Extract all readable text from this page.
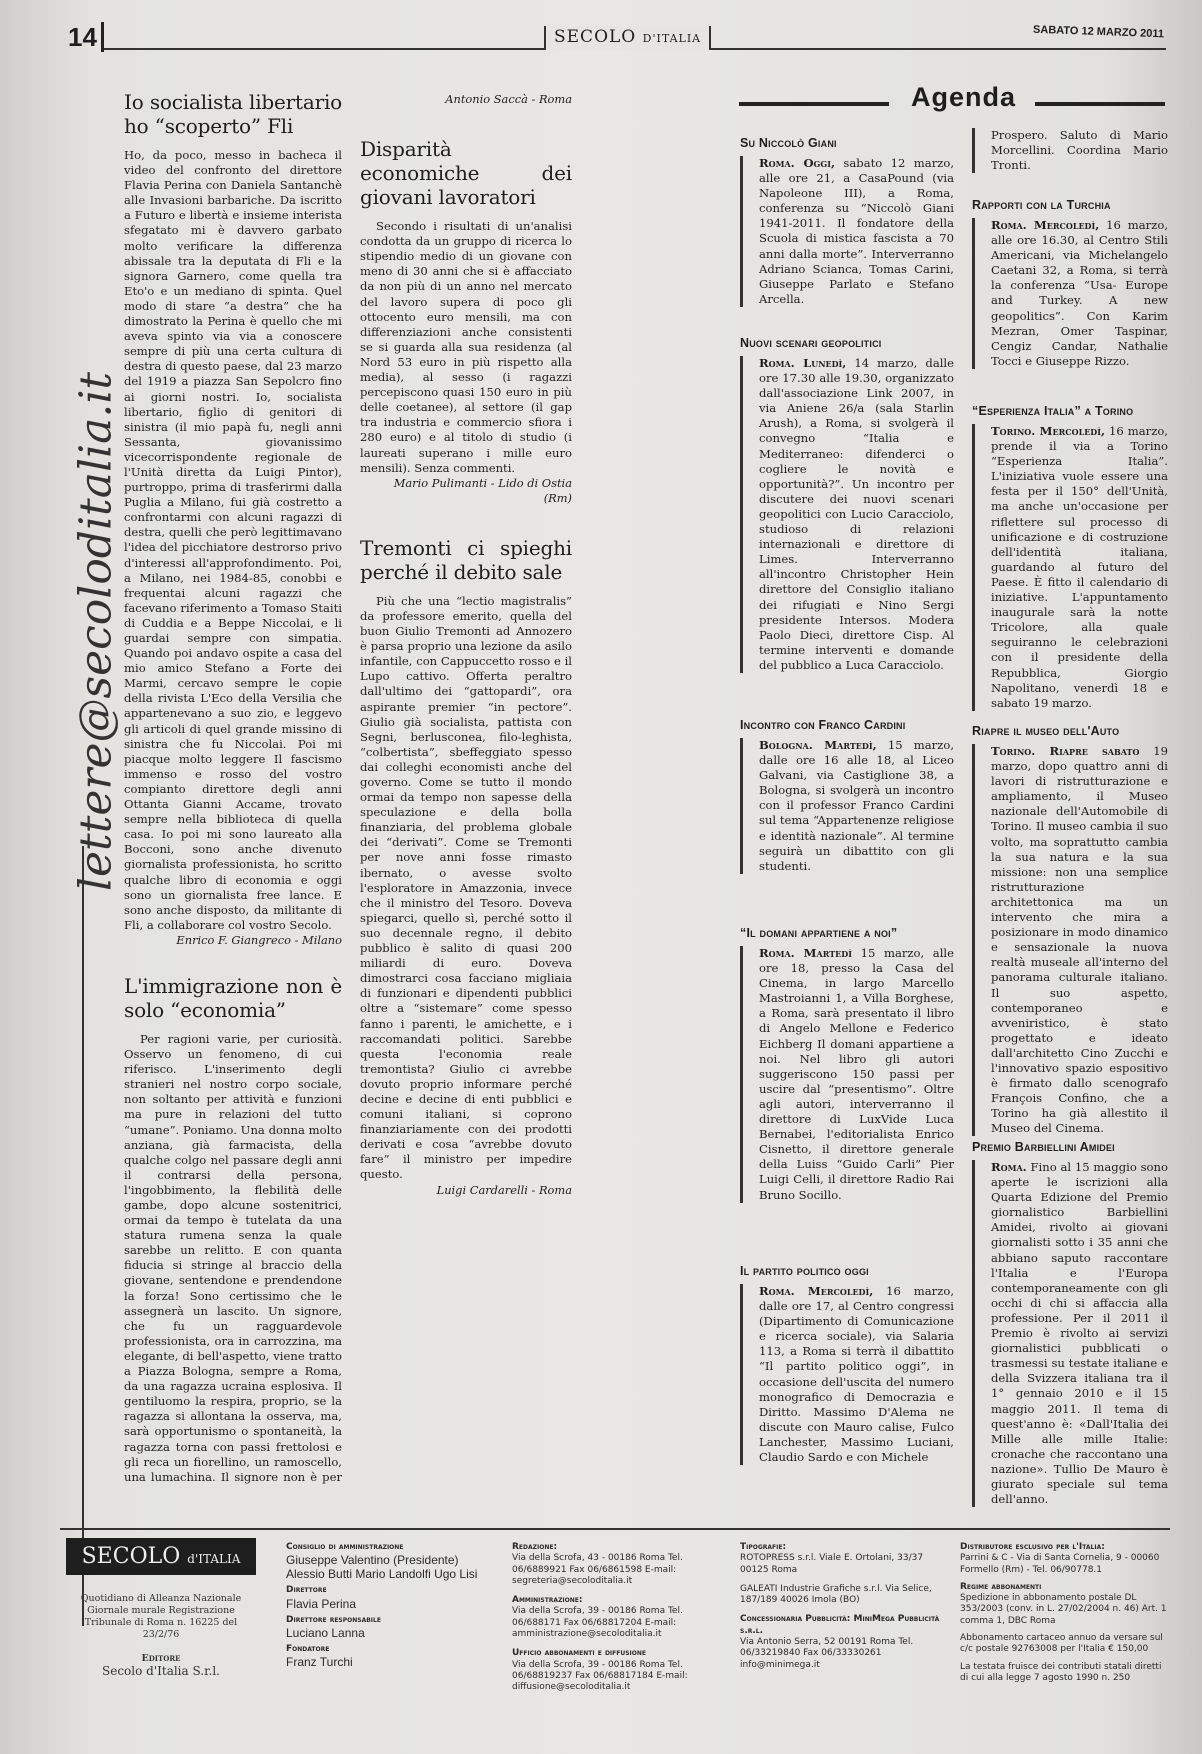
14	SECOLO D'ITALIA	SABATO 12 MARZO 2011
lettere@secoloditalia.it
Io socialista libertario ho “scoperto” Fli

Ho, da poco, messo in bacheca il video del confronto del direttore Flavia Perina con Daniela Santanchè alle Invasioni barbariche. Da iscritto a Futuro e libertà e insieme interista sfegatato mi è davvero garbato molto verificare la differenza abissale tra la deputata di Fli e la signora Garnero, come quella tra Eto'o e un mediano di spinta. Quel modo di stare “a destra” che ha dimostrato la Perina è quello che mi aveva spinto via via a conoscere sempre di più una certa cultura di destra di questo paese, dal 23 marzo del 1919 a piazza San Sepolcro fino ai giorni nostri. Io, socialista libertario, figlio di genitori di sinistra (il mio papà fu, negli anni Sessanta, giovanissimo vicecorrispondente regionale de l'Unità diretta da Luigi Pintor), purtroppo, prima di trasferirmi dalla Puglia a Milano, fui già costretto a confrontarmi con alcuni ragazzi di destra, quelli che però legittimavano l'idea del picchiatore destrorso privo d'interessi all'approfondimento. Poi, a Milano, nei 1984-85, conobbi e frequentai alcuni ragazzi che facevano riferimento a Tomaso Staiti di Cuddia e a Beppe Niccolai, e li guardai sempre con simpatia. Quando poi andavo ospite a casa del mio amico Stefano a Forte dei Marmi, cercavo sempre le copie della rivista L'Eco della Versilia che appartenevano a suo zio, e leggevo gli articoli di quel grande missino di sinistra che fu Niccolai. Poi mi piacque molto leggere Il fascismo immenso e rosso del vostro compianto direttore degli anni Ottanta Gianni Accame, trovato sempre nella biblioteca di quella casa. Io poi mi sono laureato alla Bocconi, sono anche divenuto giornalista professionista, ho scritto qualche libro di economia e oggi sono un giornalista free lance. E sono anche disposto, da militante di Fli, a collaborare col vostro Secolo.

Enrico F. Giangreco - Milano

L'immigrazione non è solo “economia”

Per ragioni varie, per curiosità. Osservo un fenomeno, di cui riferisco. L'inserimento degli stranieri nel nostro corpo sociale, non soltanto per attività e funzioni ma pure in relazioni del tutto “umane”. Poniamo. Una donna molto anziana, già farmacista, della qualche colgo nel passare degli anni il contrarsi della persona, l'ingobbimento, la flebilità delle gambe, dopo alcune sostenitrici, ormai da tempo è tutelata da una statura rumena senza la quale sarebbe un relitto. E con quanta fiducia si stringe al braccio della giovane, sentendone e prendendone la forza! Sono certissimo che le assegnerà un lascito. Un signore, che fu un ragguardevole professionista, ora in carrozzina, ma elegante, di bell'aspetto, viene tratto a Piazza Bologna, sempre a Roma, da una ragazza ucraina esplosiva. Il gentiluomo la respira, proprio, se la ragazza si allontana la osserva, ma, sarà opportunismo o spontaneità, la ragazza torna con passi frettolosi e gli reca un fiorellino, un ramoscello, una lumachina. Il signore non è per

Antonio Saccà - Roma

Disparità economiche dei giovani lavoratori

Secondo i risultati di un'analisi condotta da un gruppo di ricerca lo stipendio medio di un giovane con meno di 30 anni che si è affacciato da non più di un anno nel mercato del lavoro supera di poco gli ottocento euro mensili, ma con differenziazioni anche consistenti se si guarda alla sua residenza (al Nord 53 euro in più rispetto alla media), al sesso (i ragazzi percepiscono quasi 150 euro in più delle coetanee), al settore (il gap tra industria e commercio sfiora i 280 euro) e al titolo di studio (i laureati superano i mille euro mensili). Senza commenti.

Mario Pulimanti - Lido di Ostia (Rm)

Tremonti ci spieghi perché il debito sale

Più che una “lectio magistralis” da professore emerito, quella del buon Giulio Tremonti ad Annozero è parsa proprio una lezione da asilo infantile, con Cappuccetto rosso e il Lupo cattivo. Offerta peraltro dall'ultimo dei “gattopardi”, ora aspirante premier “in pectore”. Giulio già socialista, pattista con Segni, berlusconea, filo-leghista, “colbertista”, sbeffeggiato spesso dai colleghi economisti anche del governo. Come se tutto il mondo ormai da tempo non sapesse della speculazione e della bolla finanziaria, del problema globale dei “derivati”. Come se Tremonti per nove anni fosse rimasto ibernato, o avesse svolto l'esploratore in Amazzonia, invece che il ministro del Tesoro. Doveva spiegarci, quello sì, perché sotto il suo decennale regno, il debito pubblico è salito di quasi 200 miliardi di euro. Doveva dimostrarci cosa facciano migliaia di funzionari e dipendenti pubblici oltre a “sistemare” come spesso fanno i parenti, le amichette, e i raccomandati politici. Sarebbe questa l'economia reale tremontista? Giulio ci avrebbe dovuto proprio informare perché decine e decine di enti pubblici e comuni italiani, si coprono finanziariamente con dei prodotti derivati e cosa “avrebbe dovuto fare” il ministro per impedire questo.

Luigi Cardarelli - Roma

Agenda
Su Niccolò Giani
Roma. Oggi, sabato 12 marzo, alle ore 21, a CasaPound (via Napoleone III), a Roma, conferenza su “Niccolò Giani 1941-2011. Il fondatore della Scuola di mistica fascista a 70 anni dalla morte”. Interverranno Adriano Scianca, Tomas Carini, Giuseppe Parlato e Stefano Arcella.
Nuovi scenari geopolitici
Roma. Lunedì, 14 marzo, dalle ore 17.30 alle 19.30, organizzato dall'associazione Link 2007, in via Aniene 26/a (sala Starlin Arush), a Roma, si svolgerà il convegno “Italia e Mediterraneo: difenderci o cogliere le novità e opportunità?”. Un incontro per discutere dei nuovi scenari geopolitici con Lucio Caracciolo, studioso di relazioni internazionali e direttore di Limes. Interverranno all'incontro Christopher Hein direttore del Consiglio italiano dei rifugiati e Nino Sergi presidente Intersos. Modera Paolo Dieci, direttore Cisp. Al termine interventi e domande del pubblico a Luca Caracciolo.
Incontro con Franco Cardini
Bologna. Martedì, 15 marzo, dalle ore 16 alle 18, al Liceo Galvani, via Castiglione 38, a Bologna, si svolgerà un incontro con il professor Franco Cardini sul tema “Appartenenze religiose e identità nazionale”. Al termine seguirà un dibattito con gli studenti.
“Il domani appartiene a noi”
Roma. Martedì 15 marzo, alle ore 18, presso la Casa del Cinema, in largo Marcello Mastroianni 1, a Villa Borghese, a Roma, sarà presentato il libro di Angelo Mellone e Federico Eichberg Il domani appartiene a noi. Nel libro gli autori suggeriscono 150 passi per uscire dal “presentismo”. Oltre agli autori, interverranno il direttore di LuxVide Luca Bernabei, l'editorialista Enrico Cisnetto, il direttore generale della Luiss “Guido Carli” Pier Luigi Celli, il direttore Radio Rai Bruno Socillo.
Il partito politico oggi
Roma. Mercoledì, 16 marzo, dalle ore 17, al Centro congressi (Dipartimento di Comunicazione e ricerca sociale), via Salaria 113, a Roma si terrà il dibattito “Il partito politico oggi”, in occasione dell'uscita del numero monografico di Democrazia e Diritto. Massimo D'Alema ne discute con Mauro calise, Fulco Lanchester, Massimo Luciani, Claudio Sardo e con Michele
Prospero. Saluto di Mario Morcellini. Coordina Mario Tronti.
Rapporti con la Turchia
Roma. Mercoledì, 16 marzo, alle ore 16.30, al Centro Stili Americani, via Michelangelo Caetani 32, a Roma, si terrà la conferenza “Usa- Europe and Turkey. A new geopolitics”. Con Karim Mezran, Omer Taspinar, Cengiz Candar, Nathalie Tocci e Giuseppe Rizzo.
“Esperienza Italia” a Torino
Torino. Mercoledì, 16 marzo, prende il via a Torino “Esperienza Italia”. L'iniziativa vuole essere una festa per il 150° dell'Unità, ma anche un'occasione per riflettere sul processo di unificazione e di costruzione dell'identità italiana, guardando al futuro del Paese. È fitto il calendario di iniziative. L'appuntamento inaugurale sarà la notte Tricolore, alla quale seguiranno le celebrazioni con il presidente della Repubblica, Giorgio Napolitano, venerdì 18 e sabato 19 marzo.
Riapre il museo dell'Auto
Torino. Riapre sabato 19 marzo, dopo quattro anni di lavori di ristrutturazione e ampliamento, il Museo nazionale dell'Automobile di Torino. Il museo cambia il suo volto, ma soprattutto cambia la sua natura e la sua missione: non una semplice ristrutturazione architettonica ma un intervento che mira a posizionare in modo dinamico e sensazionale la nuova realtà museale all'interno del panorama culturale italiano. Il suo aspetto, contemporaneo e avveniristico, è stato progettato e ideato dall'architetto Cino Zucchi e l'innovativo spazio espositivo è firmato dallo scenografo François Confino, che a Torino ha già allestito il Museo del Cinema.
Premio Barbiellini Amidei
Roma. Fino al 15 maggio sono aperte le iscrizioni alla Quarta Edizione del Premio giornalistico Barbiellini Amidei, rivolto ai giovani giornalisti sotto i 35 anni che abbiano saputo raccontare l'Italia e l'Europa contemporaneamente con gli occhi di chi si affaccia alla professione. Per il 2011 il Premio è rivolto ai servizi giornalistici pubblicati o trasmessi su testate italiane e della Svizzera italiana tra il 1° gennaio 2010 e il 15 maggio 2011. Il tema di quest'anno è: «Dall'Italia dei Mille alle mille Italie: cronache che raccontano una nazione». Tullio De Mauro è giurato speciale sul tema dell'anno.
SECOLO d'ITALIA
Quotidiano di Alleanza Nazionale Giornale murale Registrazione Tribunale di Roma n. 16225 del 23/2/76
Editore
Secolo d'Italia S.r.l.
Consiglio di amministrazione
Giuseppe Valentino (Presidente) Alessio Butti Mario Landolfi Ugo Lisi
Direttore
Flavia Perina
Direttore responsabile
Luciano Lanna
Fondatore
Franz Turchi
Redazione:
Via della Scrofa, 43 - 00186 Roma Tel. 06/6889921 Fax 06/6861598 E-mail: segreteria@secoloditalia.it
Amministrazione:
Via della Scrofa, 39 - 00186 Roma Tel. 06/688171 Fax 06/68817204 E-mail: amministrazione@secoloditalia.it
Ufficio abbonamenti e diffusione
Via della Scrofa, 39 - 00186 Roma Tel. 06/68819237 Fax 06/68817184 E-mail: diffusione@secoloditalia.it
Tipografie:
ROTOPRESS s.r.l. Viale E. Ortolani, 33/37 00125 Roma
GALEATI Industrie Grafiche s.r.l. Via Selice, 187/189 40026 Imola (BO)
Concessionaria Pubblicità: MiniMega Pubblicità s.r.l.
Via Antonio Serra, 52 00191 Roma Tel. 06/33219840 Fax 06/33330261 info@minimega.it
Distributore esclusivo per l'Italia:
Parrini & C - Via di Santa Cornelia, 9 - 00060 Formello (Rm) - Tel. 06/90778.1
Regime abbonamenti
Spedizione in abbonamento postale DL 353/2003 (conv. in L. 27/02/2004 n. 46) Art. 1 comma 1, DBC Roma
Abbonamento cartaceo annuo da versare sul c/c postale 92763008 per l'Italia € 150,00
La testata fruisce dei contributi statali diretti di cui alla legge 7 agosto 1990 n. 250
